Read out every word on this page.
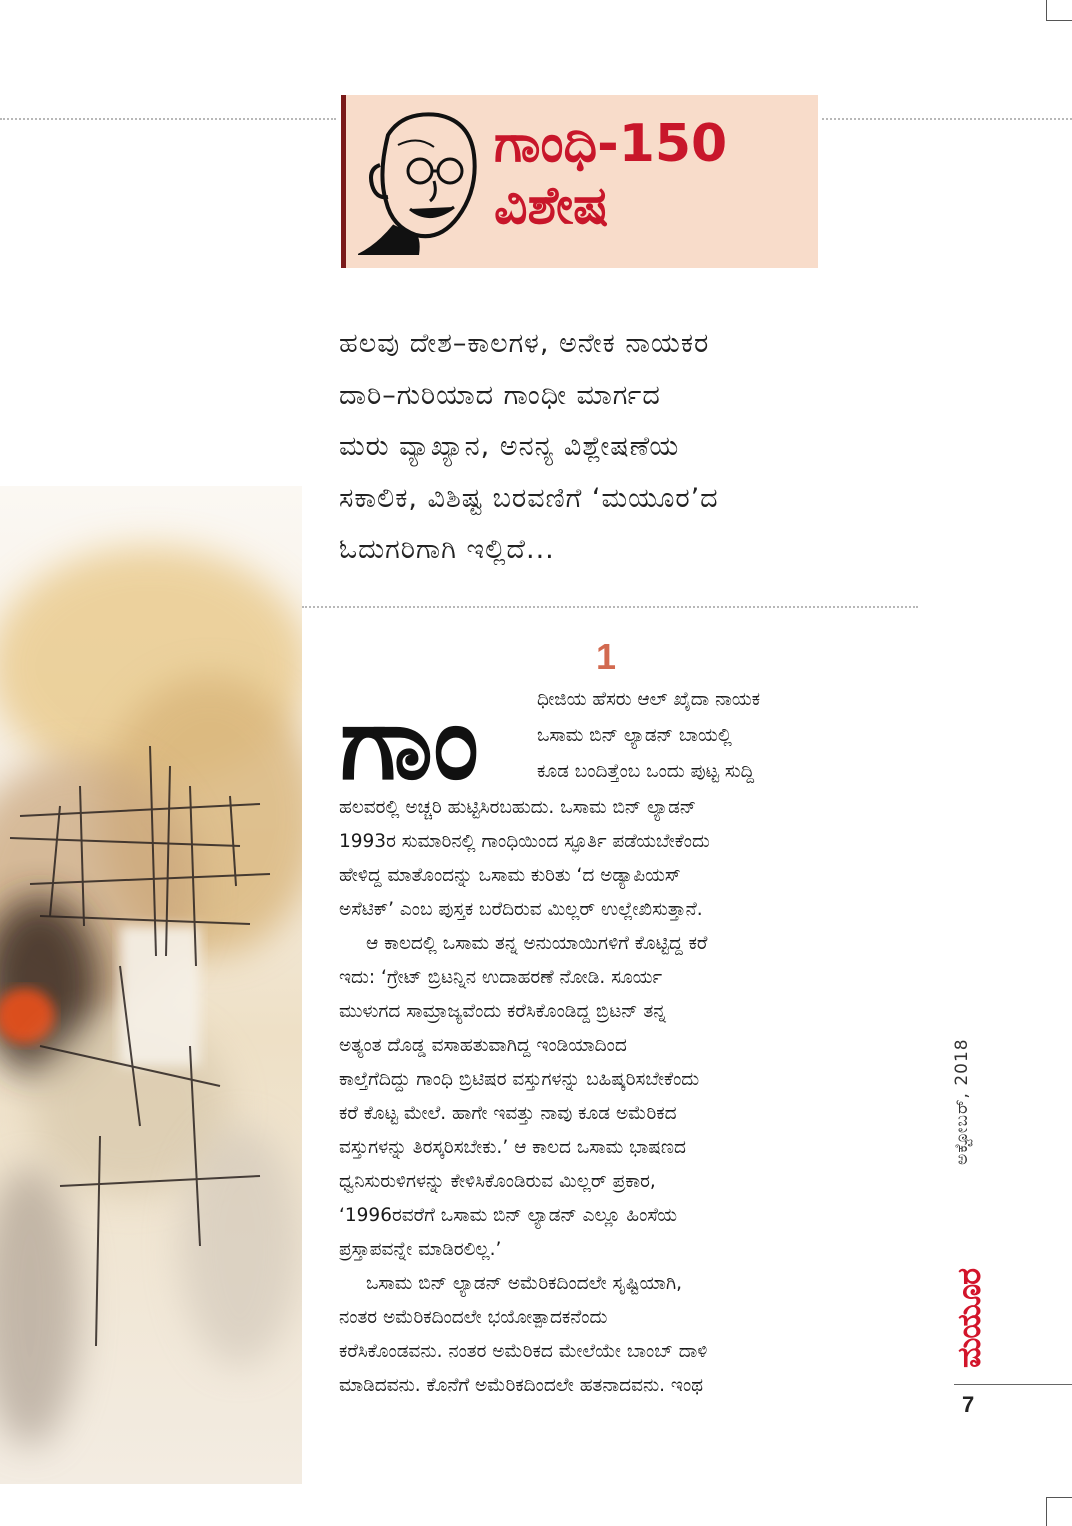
ಗಾಂಧಿ-150
ವಿಶೇಷ
ಹಲವು ದೇಶ–ಕಾಲಗಳ, ಅನೇಕ ನಾಯಕರ
ದಾರಿ–ಗುರಿಯಾದ ಗಾಂಧೀ ಮಾರ್ಗದ
ಮರು ವ್ಯಾಖ್ಯಾನ, ಅನನ್ಯ ವಿಶ್ಲೇಷಣೆಯ
ಸಕಾಲಿಕ, ವಿಶಿಷ್ಟ ಬರವಣಿಗೆ ‘ಮಯೂರ’ದ
ಓದುಗರಿಗಾಗಿ ಇಲ್ಲಿದೆ...
1
ಗಾಂ	ಧೀಜಿಯ ಹೆಸರು ಆಲ್ ಖೈದಾ ನಾಯಕ
ಒಸಾಮ ಬಿನ್ ಲ್ಯಾಡನ್ ಬಾಯಲ್ಲಿ
ಕೂಡ ಬಂದಿತ್ತೆಂಬ ಒಂದು ಪುಟ್ಟ ಸುದ್ದಿ
ಹಲವರಲ್ಲಿ ಅಚ್ಚರಿ ಹುಟ್ಟಿಸಿರಬಹುದು. ಒಸಾಮ ಬಿನ್ ಲ್ಯಾಡನ್
1993ರ ಸುಮಾರಿನಲ್ಲಿ ಗಾಂಧಿಯಿಂದ ಸ್ಫೂರ್ತಿ ಪಡೆಯಬೇಕೆಂದು
ಹೇಳಿದ್ದ ಮಾತೊಂದನ್ನು ಒಸಾಮ ಕುರಿತು ‘ದ ಅಡ್ಯಾಪಿಯಸ್
ಅಸೆಟಿಕ್’ ಎಂಬ ಪುಸ್ತಕ ಬರೆದಿರುವ ಮಿಲ್ಲರ್ ಉಲ್ಲೇಖಿಸುತ್ತಾನೆ.
ಆ ಕಾಲದಲ್ಲಿ ಒಸಾಮ ತನ್ನ ಅನುಯಾಯಿಗಳಿಗೆ ಕೊಟ್ಟಿದ್ದ ಕರೆ
ಇದು: ‘ಗ್ರೇಟ್ ಬ್ರಿಟನ್ನಿನ ಉದಾಹರಣೆ ನೋಡಿ. ಸೂರ್ಯ
ಮುಳುಗದ ಸಾಮ್ರಾಜ್ಯವೆಂದು ಕರೆಸಿಕೊಂಡಿದ್ದ ಬ್ರಿಟನ್ ತನ್ನ
ಅತ್ಯಂತ ದೊಡ್ಡ ವಸಾಹತುವಾಗಿದ್ದ ಇಂಡಿಯಾದಿಂದ
ಕಾಲ್ತೆಗೆದಿದ್ದು ಗಾಂಧಿ ಬ್ರಿಟಿಷರ ವಸ್ತುಗಳನ್ನು ಬಹಿಷ್ಕರಿಸಬೇಕೆಂದು
ಕರೆ ಕೊಟ್ಟ ಮೇಲೆ. ಹಾಗೇ ಇವತ್ತು ನಾವು ಕೂಡ ಅಮೆರಿಕದ
ವಸ್ತುಗಳನ್ನು ತಿರಸ್ಕರಿಸಬೇಕು.’ ಆ ಕಾಲದ ಒಸಾಮ ಭಾಷಣದ
ಧ್ವನಿಸುರುಳಿಗಳನ್ನು ಕೇಳಿಸಿಕೊಂಡಿರುವ ಮಿಲ್ಲರ್ ಪ್ರಕಾರ,
‘1996ರವರೆಗೆ ಒಸಾಮ ಬಿನ್ ಲ್ಯಾಡನ್ ಎಲ್ಲೂ ಹಿಂಸೆಯ
ಪ್ರಸ್ತಾಪವನ್ನೇ ಮಾಡಿರಲಿಲ್ಲ.’
ಒಸಾಮ ಬಿನ್ ಲ್ಯಾಡನ್ ಅಮೆರಿಕದಿಂದಲೇ ಸೃಷ್ಟಿಯಾಗಿ,
ನಂತರ ಅಮೆರಿಕದಿಂದಲೇ ಭಯೋತ್ಪಾದಕನೆಂದು
ಕರೆಸಿಕೊಂಡವನು. ನಂತರ ಅಮೆರಿಕದ ಮೇಲೆಯೇ ಬಾಂಬ್ ದಾಳಿ
ಮಾಡಿದವನು. ಕೊನೆಗೆ ಅಮೆರಿಕದಿಂದಲೇ ಹತನಾದವನು. ಇಂಥ
ಅಕ್ಟೋಬರ್, 2018
ಮಯೂರ
7
